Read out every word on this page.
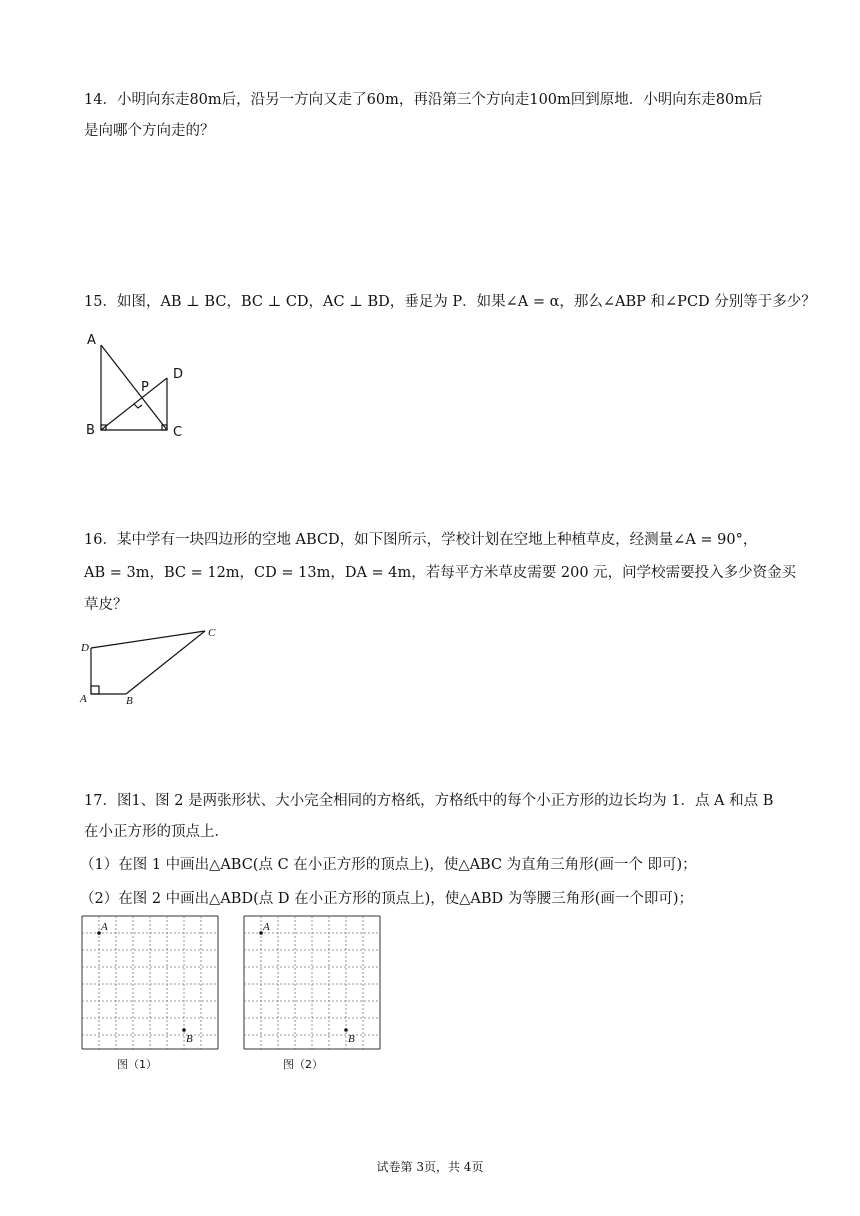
14．小明向东走80m后，沿另一方向又走了60m，再沿第三个方向走100m回到原地．小明向东走80m后
是向哪个方向走的？
15．如图，AB ⊥ BC，BC ⊥ CD，AC ⊥ BD，垂足为 P．如果∠A = α，那么∠ABP 和∠PCD 分别等于多少？
A
B	C
D
P
16．某中学有一块四边形的空地 ABCD，如下图所示，学校计划在空地上种植草皮，经测量∠A = 90°，
AB = 3m，BC = 12m，CD = 13m，DA = 4m，若每平方米草皮需要 200 元，问学校需要投入多少资金买
草皮？
D
A	B
C
17．图1、图 2 是两张形状、大小完全相同的方格纸，方格纸中的每个小正方形的边长均为 1．点 A 和点 B
在小正方形的顶点上．
（1）在图 1 中画出△ABC(点 C 在小正方形的顶点上)，使△ABC 为直角三角形(画一个 即可)；
（2）在图 2 中画出△ABD(点 D 在小正方形的顶点上)，使△ABD 为等腰三角形(画一个即可)；
A
B
图（1）
A
B
图（2）
试卷第 3页，共 4页
